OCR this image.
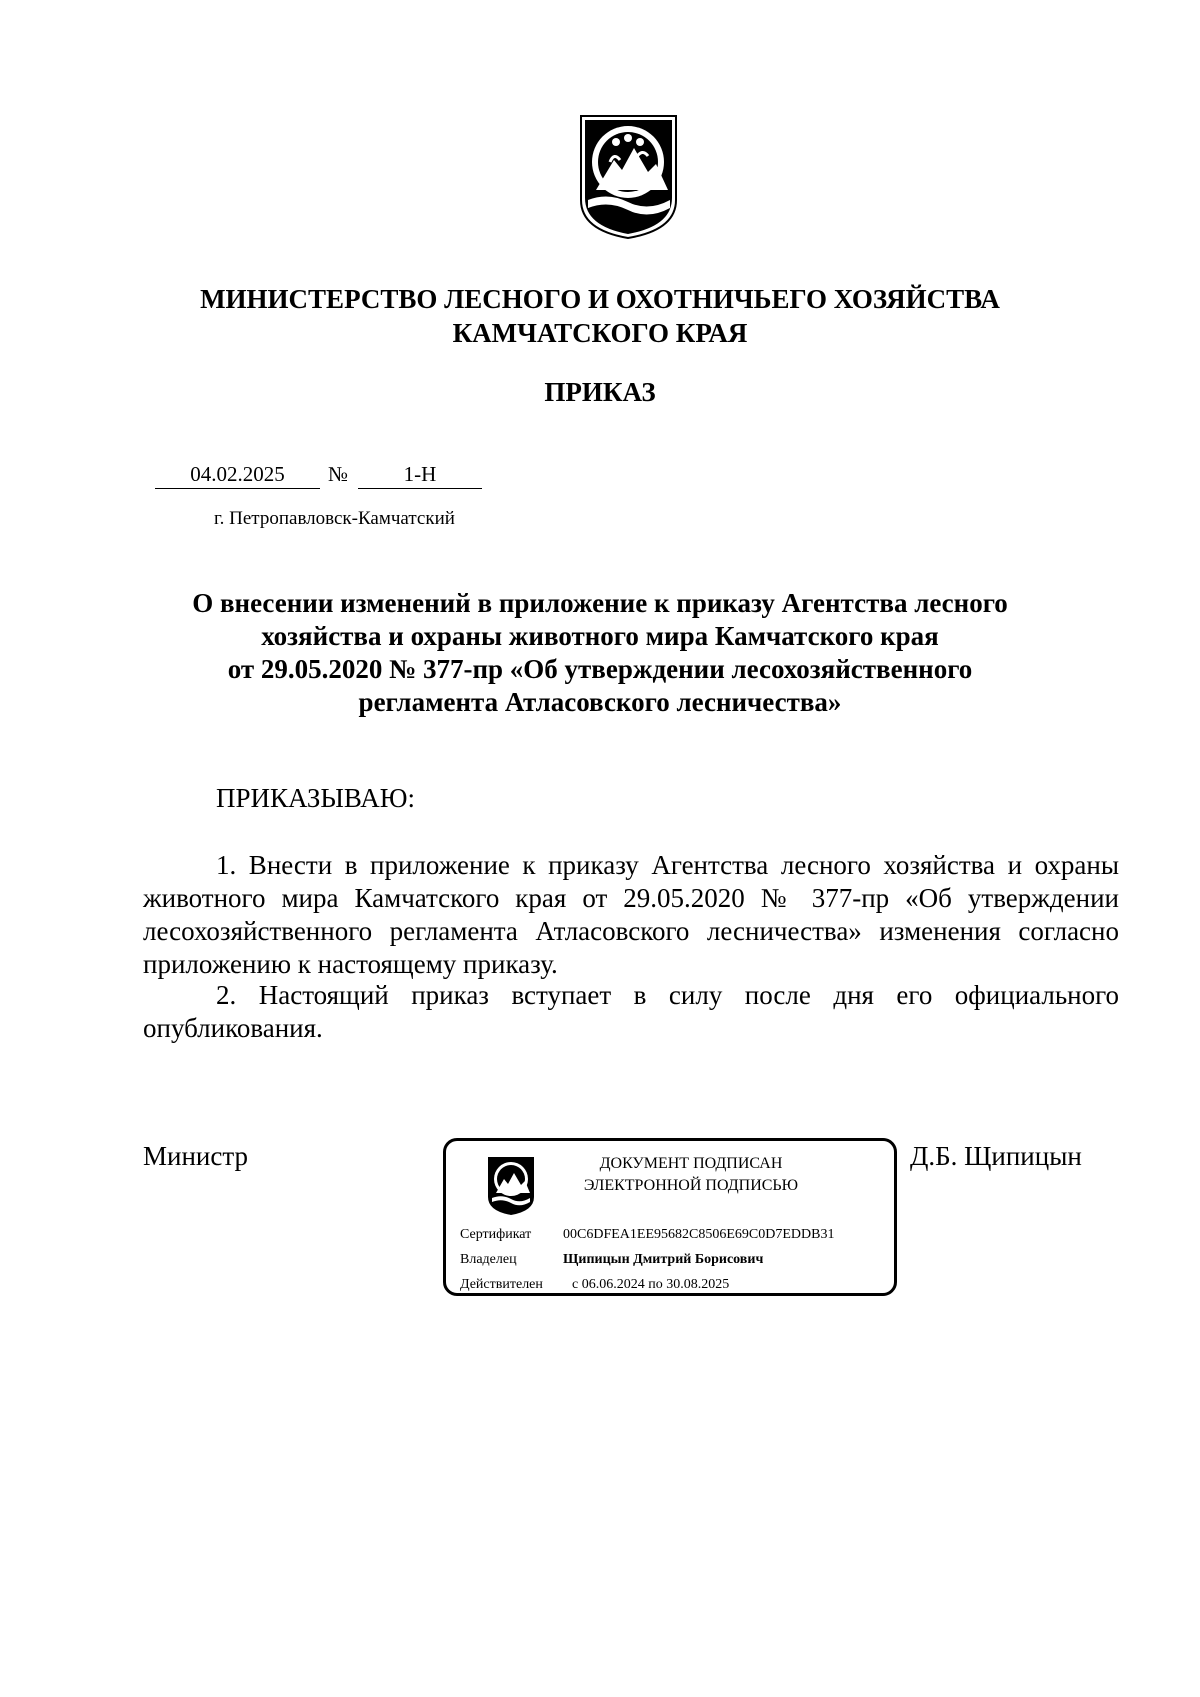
МИНИСТЕРСТВО ЛЕСНОГО И ОХОТНИЧЬЕГО ХОЗЯЙСТВА
КАМЧАТСКОГО КРАЯ
ПРИКАЗ
04.02.2025	№	1-Н
г. Петропавловск-Камчатский
О внесении изменений в приложение к приказу Агентства лесного
хозяйства и охраны животного мира Камчатского края
от 29.05.2020 № 377-пр «Об утверждении лесохозяйственного
регламента Атласовского лесничества»
ПРИКАЗЫВАЮ:

1. Внести в приложение к приказу Агентства лесного хозяйства и охраны животного мира Камчатского края от 29.05.2020 № 377-пр «Об утверждении лесохозяйственного регламента Атласовского лесничества» изменения согласно приложению к настоящему приказу.

2. Настоящий приказ вступает в силу после дня его официального опубликования.

Министр	Д.Б. Щипицын
ДОКУМЕНТ ПОДПИСАН
ЭЛЕКТРОННОЙ ПОДПИСЬЮ
Сертификат 00C6DFEA1EE95682C8506E69C0D7EDDB31
Владелец	Щипицын Дмитрий Борисович
Действителен с 06.06.2024 по 30.08.2025
